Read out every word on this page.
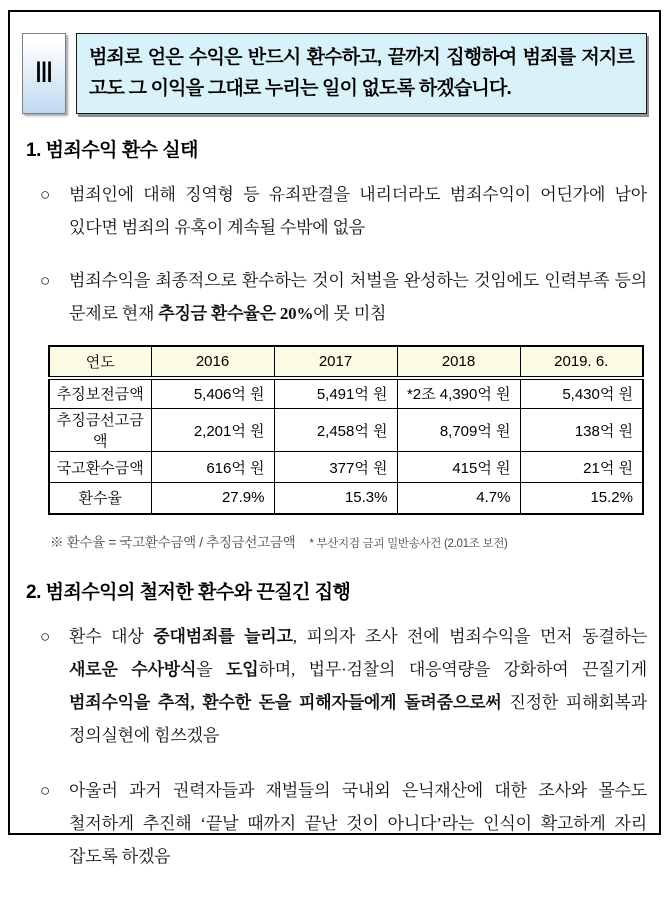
Ⅲ
범죄로 얻은 수익은 반드시 환수하고, 끝까지 집행하여 범죄를 저지르고도 그 이익을 그대로 누리는 일이 없도록 하겠습니다.
1. 범죄수익 환수 실태
○	범죄인에 대해 징역형 등 유죄판결을 내리더라도 범죄수익이 어딘가에 남아 있다면 범죄의 유혹이 계속될 수밖에 없음
○	범죄수익을 최종적으로 환수하는 것이 처벌을 완성하는 것임에도 인력부족 등의 문제로 현재 추징금 환수율은 20%에 못 미침
연도	2016	2017	2018	2019. 6.
추징보전금액	5,406억 원	5,491억 원	*2조 4,390억 원	5,430억 원
추징금선고금액	2,201억 원	2,458억 원	8,709억 원	138억 원
국고환수금액	616억 원	377억 원	415억 원	21억 원
환수율	27.9%	15.3%	4.7%	15.2%
※ 환수율 = 국고환수금액 / 추징금선고금액 * 부산지검 금괴 밀반송사건 (2.01조 보전)
2. 범죄수익의 철저한 환수와 끈질긴 집행
○	환수 대상 중대범죄를 늘리고, 피의자 조사 전에 범죄수익을 먼저 동결하는 새로운 수사방식을 도입하며, 법무·검찰의 대응역량을 강화하여 끈질기게 범죄수익을 추적, 환수한 돈을 피해자들에게 돌려줌으로써 진정한 피해회복과 정의실현에 힘쓰겠음
○	아울러 과거 권력자들과 재벌들의 국내외 은닉재산에 대한 조사와 몰수도 철저하게 추진해 ‘끝날 때까지 끝난 것이 아니다’라는 인식이 확고하게 자리 잡도록 하겠음
